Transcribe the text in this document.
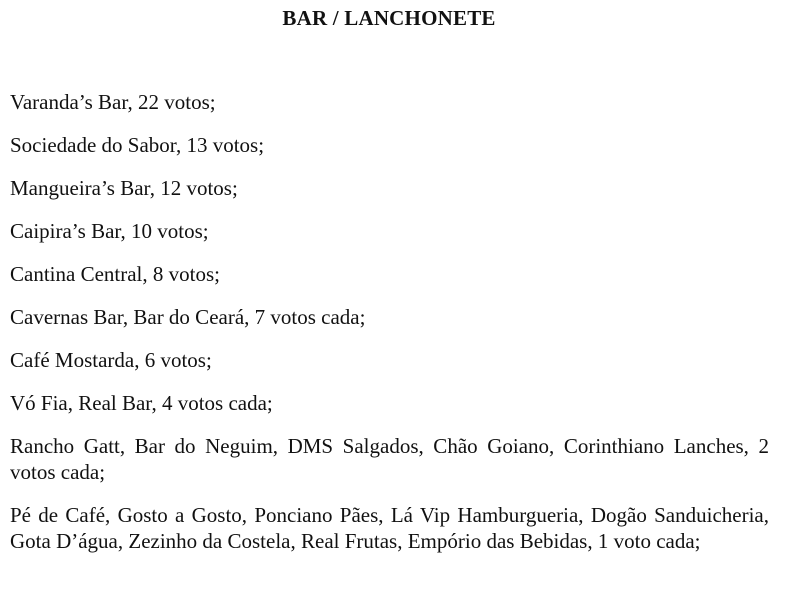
BAR / LANCHONETE
Varanda’s Bar, 22 votos;
Sociedade do Sabor, 13 votos;
Mangueira’s Bar, 12 votos;
Caipira’s Bar, 10 votos;
Cantina Central, 8 votos;
Cavernas Bar, Bar do Ceará, 7 votos cada;
Café Mostarda, 6 votos;
Vó Fia, Real Bar, 4 votos cada;
Rancho Gatt, Bar do Neguim, DMS Salgados, Chão Goiano, Corinthiano Lanches, 2 votos cada;
Pé de Café, Gosto a Gosto, Ponciano Pães, Lá Vip Hamburgueria, Dogão Sanduicheria, Gota D’água, Zezinho da Costela, Real Frutas, Empório das Bebidas, 1 voto cada;
